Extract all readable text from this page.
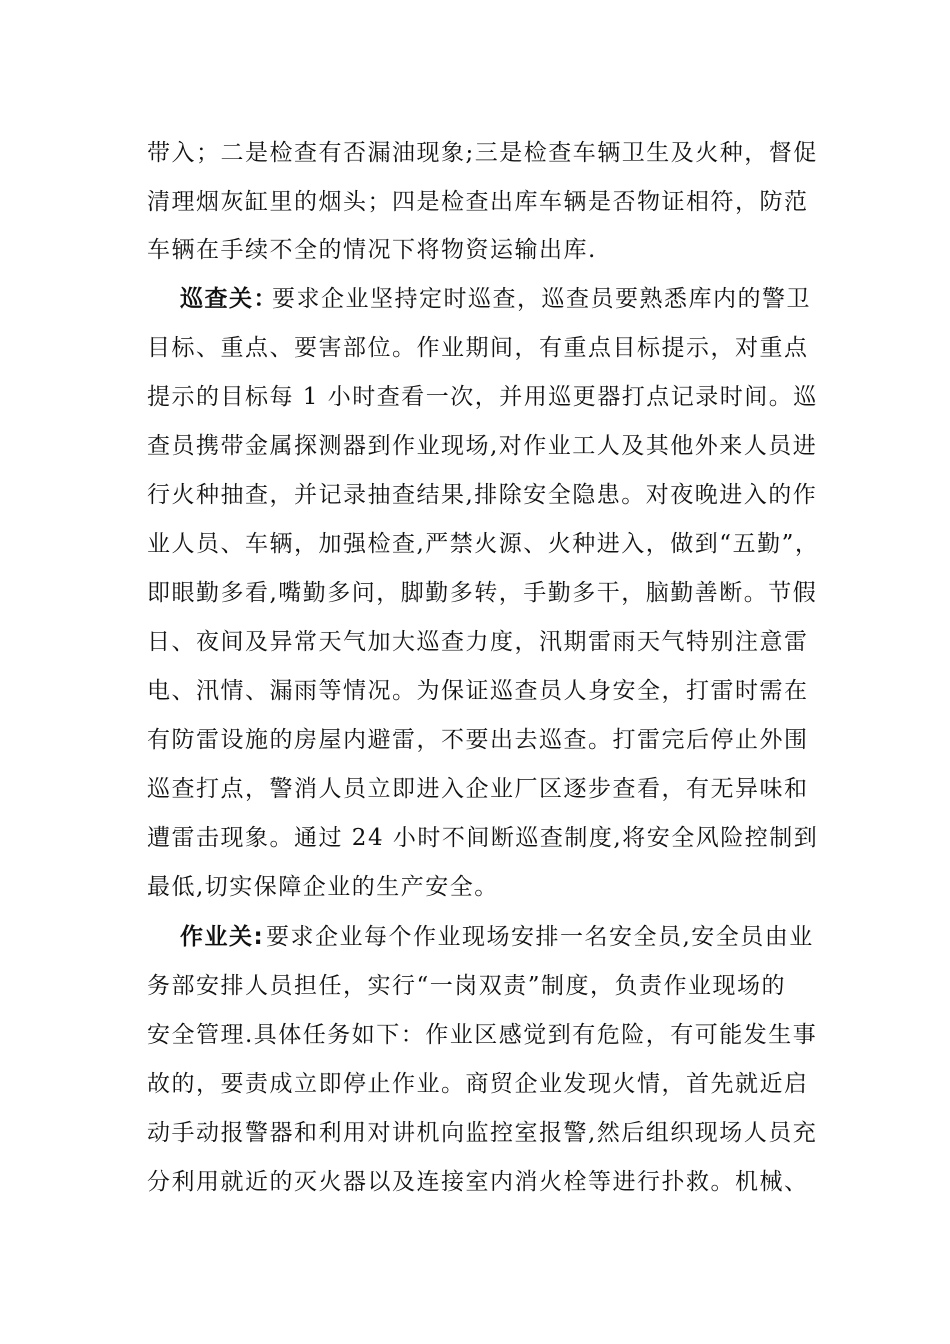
带入；二是检查有否漏油现象;三是检查车辆卫生及火种，督促
清理烟灰缸里的烟头；四是检查出库车辆是否物证相符，防范
车辆在手续不全的情况下将物资运输出库.
巡查关：
要求企业坚持定时巡查，巡查员要熟悉库内的警卫
目标、重点、要害部位。作业期间，有重点目标提示，对重点
提示的目标每 1 小时查看一次，并用巡更器打点记录时间。巡
查员携带金属探测器到作业现场,对作业工人及其他外来人员进
行火种抽查，并记录抽查结果,排除安全隐患。对夜晚进入的作
业人员、车辆，加强检查,严禁火源、火种进入，做到“五勤”，
即眼勤多看,嘴勤多问，脚勤多转，手勤多干，脑勤善断。节假
日、夜间及异常天气加大巡查力度，汛期雷雨天气特别注意雷
电、汛情、漏雨等情况。为保证巡查员人身安全，打雷时需在
有防雷设施的房屋内避雷，不要出去巡查。打雷完后停止外围
巡查打点，警消人员立即进入企业厂区逐步查看，有无异味和
遭雷击现象。通过 24 小时不间断巡查制度,将安全风险控制到
最低,切实保障企业的生产安全。
作业关: 要求企业每个作业现场安排一名安全员,安全员由业
务部安排人员担任，实行“一岗双责”制度，负责作业现场的
安全管理.具体任务如下：作业区感觉到有危险，有可能发生事
故的，要责成立即停止作业。商贸企业发现火情，首先就近启
动手动报警器和利用对讲机向监控室报警,然后组织现场人员充
分利用就近的灭火器以及连接室内消火栓等进行扑救。机械、
